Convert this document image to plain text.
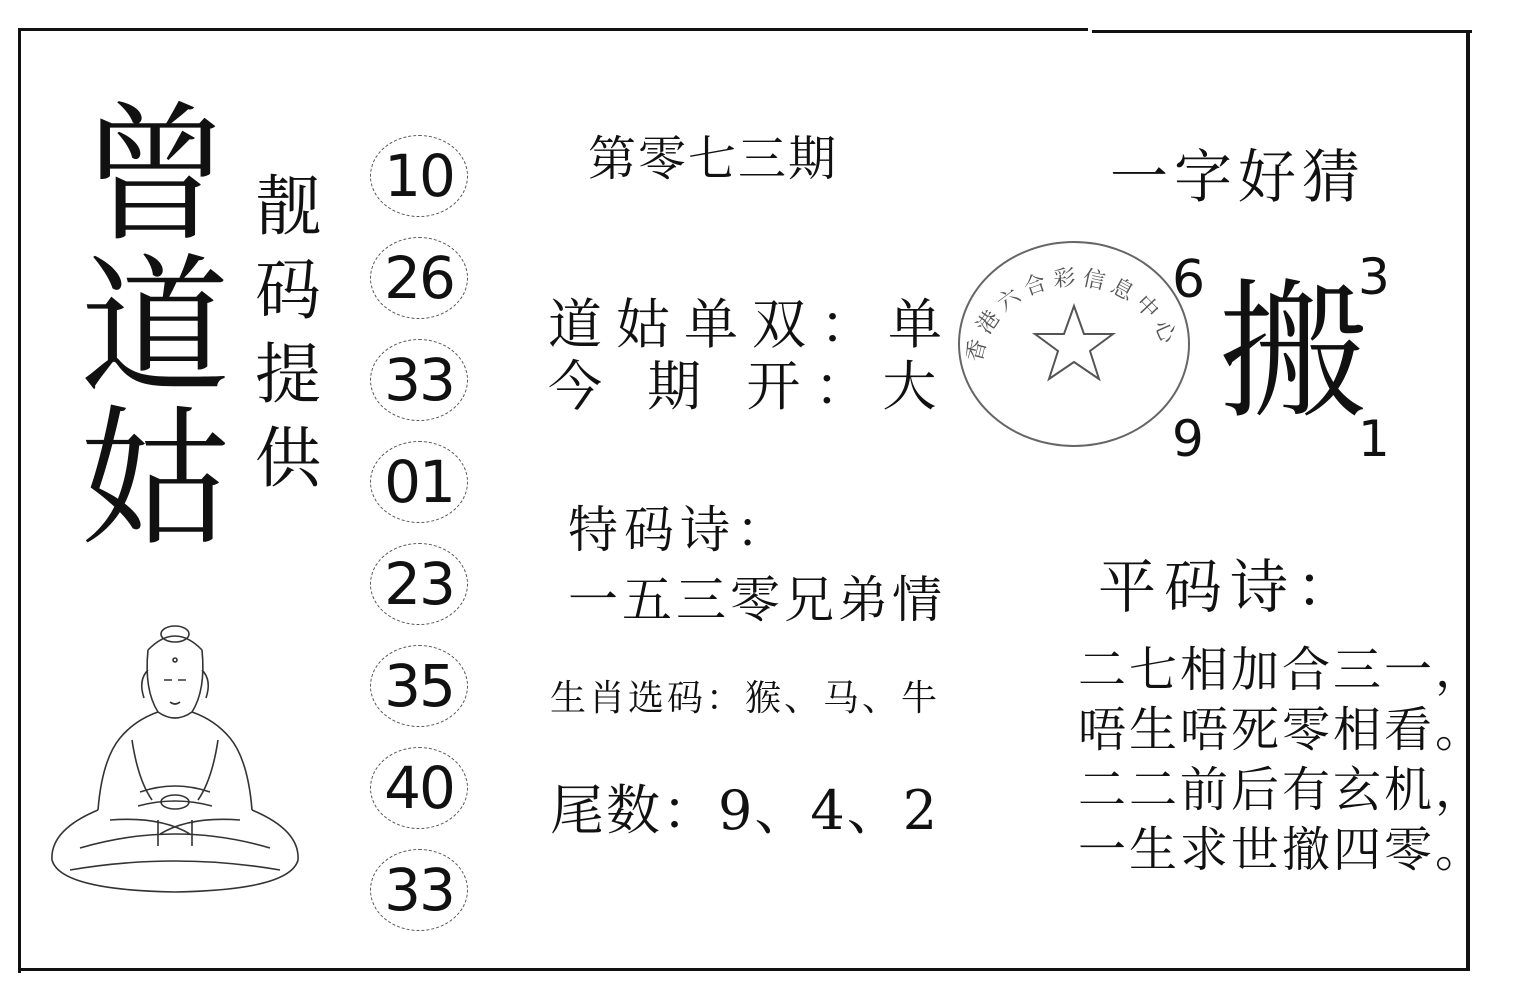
曾
道
姑
靓
码
提
供
10
26
33
01
23
35
40
33
第零七三期	一字好猜
道姑单双：单
今 期 开：大
特码诗：
一五三零兄弟情
生肖选码：猴、马、牛
尾数：9、4、2
平码诗：
二七相加合三一，
唔生唔死零相看。
二二前后有玄机，
一生求世撤四零。
搬
6	3
9	1
香港六合彩信息中心
